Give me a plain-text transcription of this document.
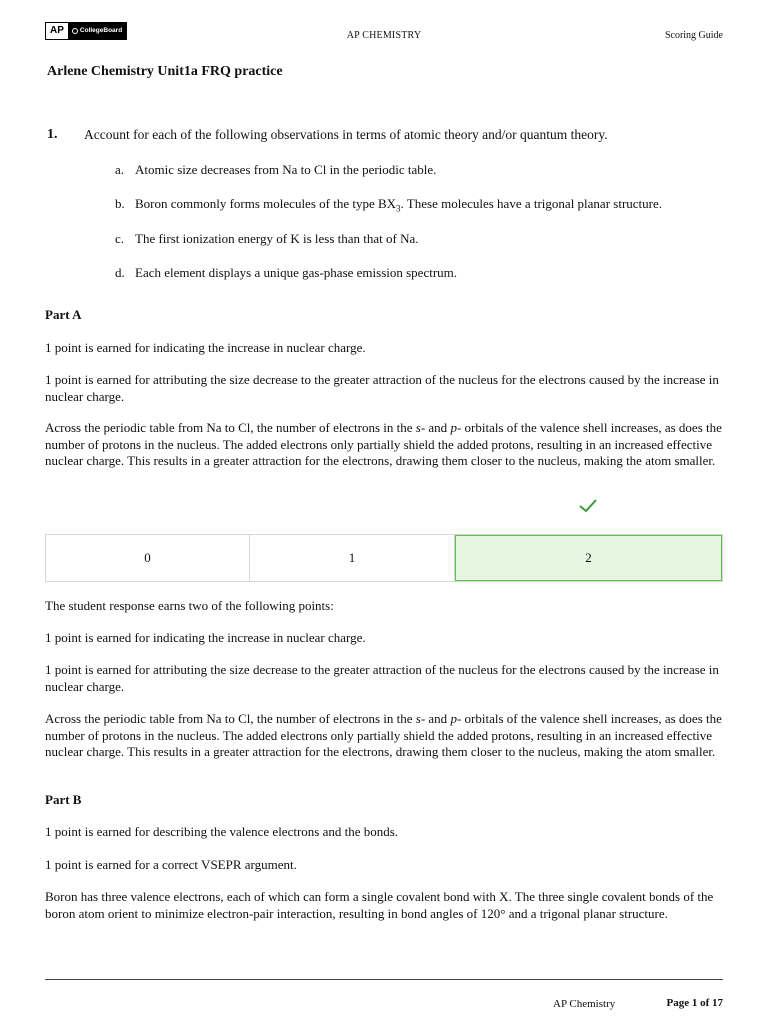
AP	CollegeBoard	AP CHEMISTRY	Scoring Guide
Arlene Chemistry Unit1a FRQ practice
1. Account for each of the following observations in terms of atomic theory and/or quantum theory.
a. Atomic size decreases from Na to Cl in the periodic table.
b. Boron commonly forms molecules of the type $BX_3$. These molecules have a trigonal planar structure.
c. The first ionization energy of K is less than that of Na.
d. Each element displays a unique gas-phase emission spectrum.
Part A
1 point is earned for indicating the increase in nuclear charge.
1 point is earned for attributing the size decrease to the greater attraction of the nucleus for the electrons caused by the increase in nuclear charge.
Across the periodic table from Na to Cl, the number of electrons in the s- and p- orbitals of the valence shell increases, as does the number of protons in the nucleus. The added electrons only partially shield the added protons, resulting in an increased effective nuclear charge. This results in a greater attraction for the electrons, drawing them closer to the nucleus, making the atom smaller.
0	1	2
The student response earns two of the following points:
1 point is earned for indicating the increase in nuclear charge.
1 point is earned for attributing the size decrease to the greater attraction of the nucleus for the electrons caused by the increase in nuclear charge.
Across the periodic table from Na to Cl, the number of electrons in the s- and p- orbitals of the valence shell increases, as does the number of protons in the nucleus. The added electrons only partially shield the added protons, resulting in an increased effective nuclear charge. This results in a greater attraction for the electrons, drawing them closer to the nucleus, making the atom smaller.
Part B
1 point is earned for describing the valence electrons and the bonds.
1 point is earned for a correct VSEPR argument.
Boron has three valence electrons, each of which can form a single covalent bond with X. The three single covalent bonds of the boron atom orient to minimize electron-pair interaction, resulting in bond angles of 120° and a trigonal planar structure.
AP Chemistry	Page 1 of 17
